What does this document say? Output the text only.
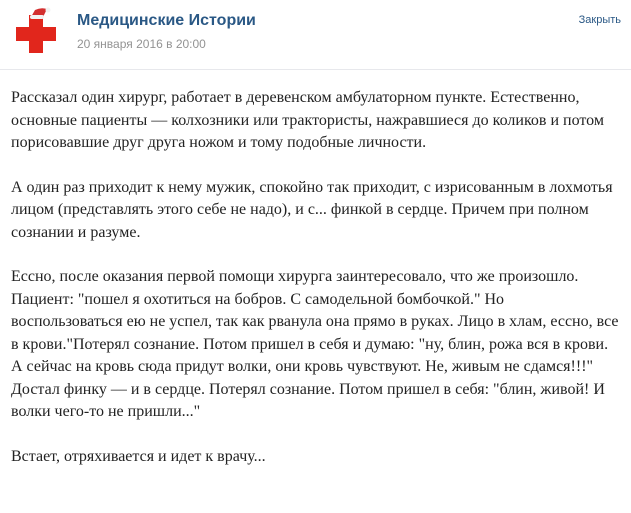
Медицинские Истории
20 января 2016 в 20:00
Закрыть

Рассказал один хирург, работает в деревенском амбулаторном пункте. Естественно, основные пациенты — колхозники или трактористы, нажравшиеся до коликов и потом порисовавшие друг друга ножом и тому подобные личности.

А один раз приходит к нему мужик, спокойно так приходит, с изрисованным в лохмотья лицом (представлять этого себе не надо), и с... финкой в сердце. Причем при полном сознании и разуме.

Ессно, после оказания первой помощи хирурга заинтересовало, что же произошло. Пациент: "пошел я охотиться на бобров. С самодельной бомбочкой." Но воспользоваться ею не успел, так как рванула она прямо в руках. Лицо в хлам, ессно, все в крови."Потерял сознание. Потом пришел в себя и думаю: "ну, блин, рожа вся в крови. А сейчас на кровь сюда придут волки, они кровь чувствуют. Не, живым не сдамся!!!" Достал финку — и в сердце. Потерял сознание. Потом пришел в себя: "блин, живой! И волки чего-то не пришли..."

Встает, отряхивается и идет к врачу...
